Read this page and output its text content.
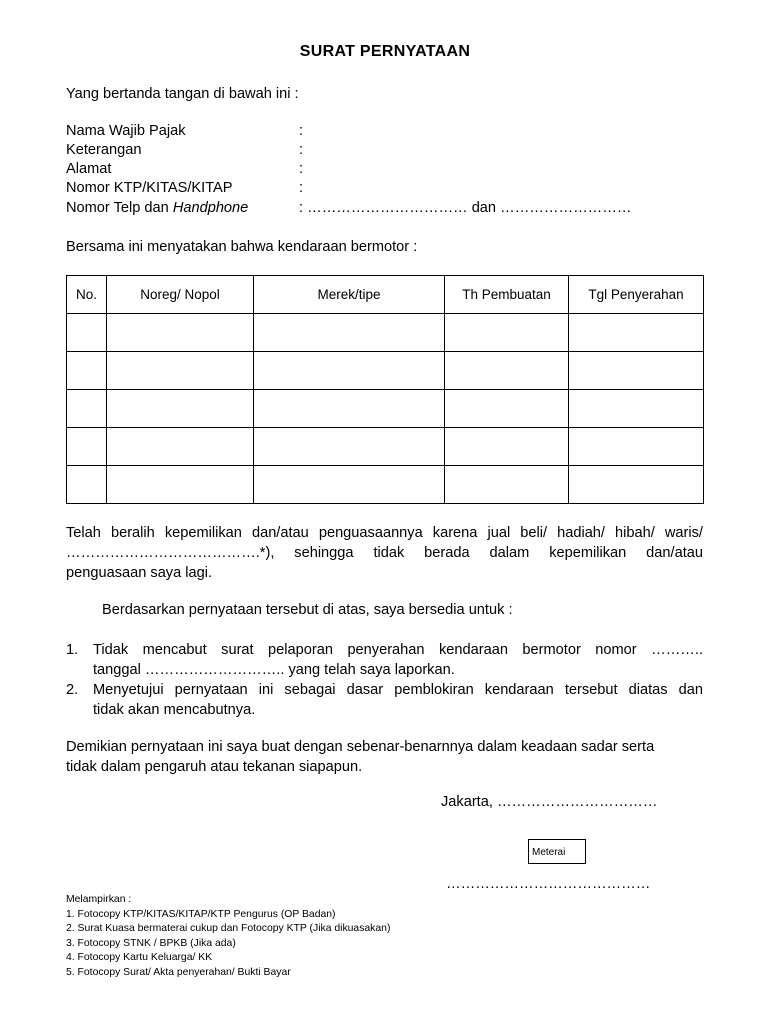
SURAT PERNYATAAN
Yang bertanda tangan di bawah ini :
Nama Wajib Pajak	:
Keterangan	:
Alamat	:
Nomor KTP/KITAS/KITAP	:
Nomor Telp dan Handphone	: …………………………… dan ………………………
Bersama ini menyatakan bahwa kendaraan bermotor :
No.	Noreg/ Nopol	Merek/tipe	Th Pembuatan	Tgl Penyerahan

Telah beralih kepemilikan dan/atau penguasaannya karena jual beli/ hadiah/ hibah/ waris/
………………………………….*), sehingga tidak berada dalam kepemilikan dan/atau
penguasaan saya lagi.
Berdasarkan pernyataan tersebut di atas, saya bersedia untuk :
1. Tidak mencabut surat pelaporan penyerahan kendaraan bermotor nomor ………..
tanggal ……………………….. yang telah saya laporkan.
2. Menyetujui pernyataan ini sebagai dasar pemblokiran kendaraan tersebut diatas dan
tidak akan mencabutnya.
Demikian pernyataan ini saya buat dengan sebenar-benarnnya dalam keadaan sadar serta
tidak dalam pengaruh atau tekanan siapapun.
Jakarta, ……………………………
Meterai
……………………………………
Melampirkan :
1. Fotocopy KTP/KITAS/KITAP/KTP Pengurus (OP Badan)
2. Surat Kuasa bermaterai cukup dan Fotocopy KTP (Jika dikuasakan)
3. Fotocopy STNK / BPKB (Jika ada)
4. Fotocopy Kartu Keluarga/ KK
5. Fotocopy Surat/ Akta penyerahan/ Bukti Bayar
